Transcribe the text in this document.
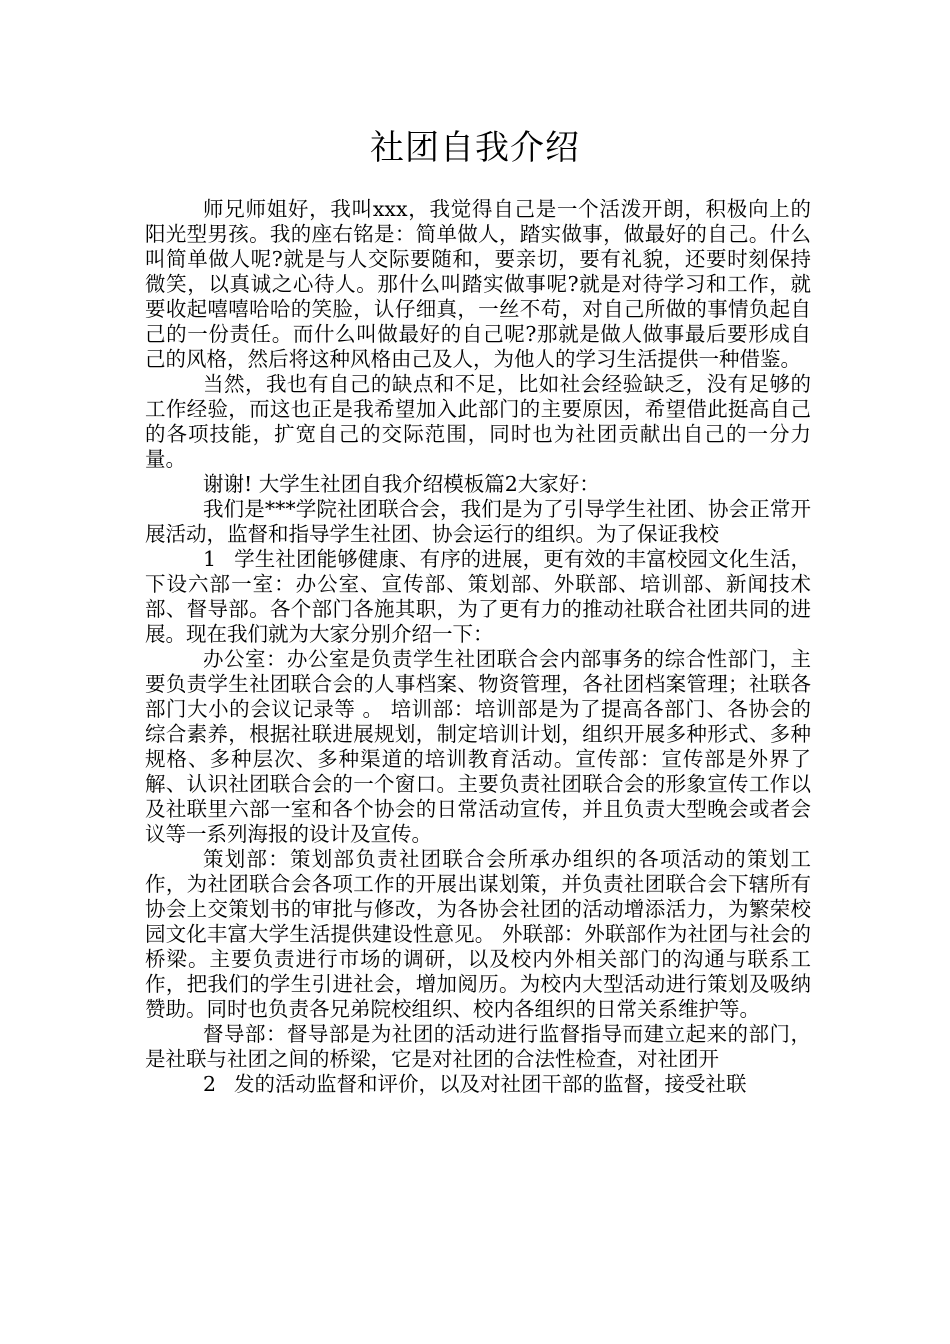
社团自我介绍

师兄师姐好，我叫xxx，我觉得自己是一个活泼开朗，积极向上的阳光型男孩。我的座右铭是：简单做人，踏实做事，做最好的自己。什么叫简单做人呢?就是与人交际要随和，要亲切，要有礼貌，还要时刻保持微笑，以真诚之心待人。那什么叫踏实做事呢?就是对待学习和工作，就要收起嘻嘻哈哈的笑脸，认仔细真，一丝不苟，对自己所做的事情负起自己的一份责任。而什么叫做最好的自己呢?那就是做人做事最后要形成自己的风格，然后将这种风格由己及人，为他人的学习生活提供一种借鉴。

当然，我也有自己的缺点和不足，比如社会经验缺乏，没有足够的工作经验，而这也正是我希望加入此部门的主要原因，希望借此挺高自己的各项技能，扩宽自己的交际范围，同时也为社团贡献出自己的一分力量。

谢谢! 大学生社团自我介绍模板篇2大家好：

我们是***学院社团联合会，我们是为了引导学生社团、协会正常开展活动，监督和指导学生社团、协会运行的组织。为了保证我校

1 学生社团能够健康、有序的进展，更有效的丰富校园文化生活，下设六部一室：办公室、宣传部、策划部、外联部、培训部、新闻技术部、督导部。各个部门各施其职，为了更有力的推动社联合社团共同的进展。现在我们就为大家分别介绍一下：

办公室：办公室是负责学生社团联合会内部事务的综合性部门，主要负责学生社团联合会的人事档案、物资管理，各社团档案管理；社联各部门大小的会议记录等 。 培训部：培训部是为了提高各部门、各协会的综合素养，根据社联进展规划，制定培训计划，组织开展多种形式、多种规格、多种层次、多种渠道的培训教育活动。宣传部：宣传部是外界了解、认识社团联合会的一个窗口。主要负责社团联合会的形象宣传工作以及社联里六部一室和各个协会的日常活动宣传，并且负责大型晚会或者会议等一系列海报的设计及宣传。

策划部：策划部负责社团联合会所承办组织的各项活动的策划工作，为社团联合会各项工作的开展出谋划策，并负责社团联合会下辖所有协会上交策划书的审批与修改，为各协会社团的活动增添活力，为繁荣校园文化丰富大学生活提供建设性意见。 外联部：外联部作为社团与社会的桥梁。主要负责进行市场的调研，以及校内外相关部门的沟通与联系工作，把我们的学生引进社会，增加阅历。为校内大型活动进行策划及吸纳赞助。同时也负责各兄弟院校组织、校内各组织的日常关系维护等。

督导部：督导部是为社团的活动进行监督指导而建立起来的部门，是社联与社团之间的桥梁，它是对社团的合法性检查，对社团开

2 发的活动监督和评价，以及对社团干部的监督，接受社联
